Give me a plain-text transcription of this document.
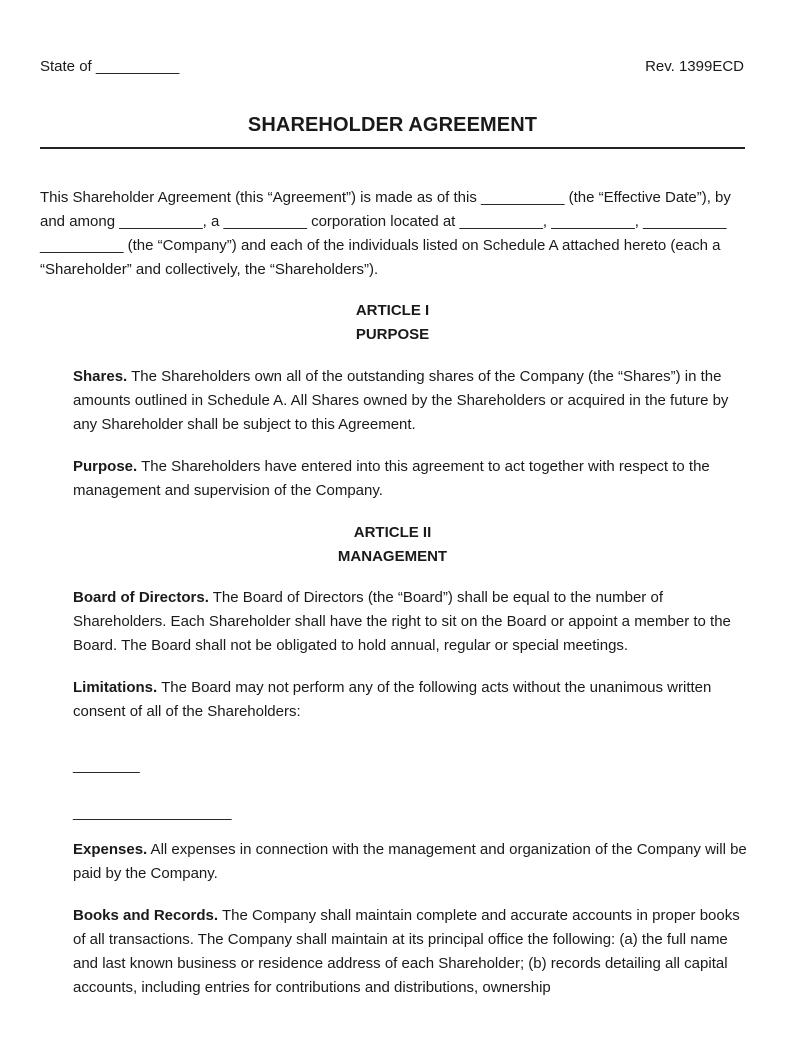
State of __________	Rev. 1399ECD
SHAREHOLDER AGREEMENT

This Shareholder Agreement (this “Agreement”) is made as of this __________ (the “Effective Date”), by and among __________, a __________ corporation located at __________, __________, __________ __________ (the “Company”) and each of the individuals listed on Schedule A attached hereto (each a “Shareholder” and collectively, the “Shareholders”).

ARTICLE I
PURPOSE

Shares. The Shareholders own all of the outstanding shares of the Company (the “Shares”) in the amounts outlined in Schedule A. All Shares owned by the Shareholders or acquired in the future by any Shareholder shall be subject to this Agreement.

Purpose. The Shareholders have entered into this agreement to act together with respect to the management and supervision of the Company.

ARTICLE II
MANAGEMENT

Board of Directors. The Board of Directors (the “Board”) shall be equal to the number of Shareholders. Each Shareholder shall have the right to sit on the Board or appoint a member to the Board. The Board shall not be obligated to hold annual, regular or special meetings.

Limitations. The Board may not perform any of the following acts without the unanimous written consent of all of the Shareholders:

________
___________________

Expenses. All expenses in connection with the management and organization of the Company will be paid by the Company.

Books and Records. The Company shall maintain complete and accurate accounts in proper books of all transactions. The Company shall maintain at its principal office the following: (a) the full name and last known business or residence address of each Shareholder; (b) records detailing all capital accounts, including entries for contributions and distributions, ownership
